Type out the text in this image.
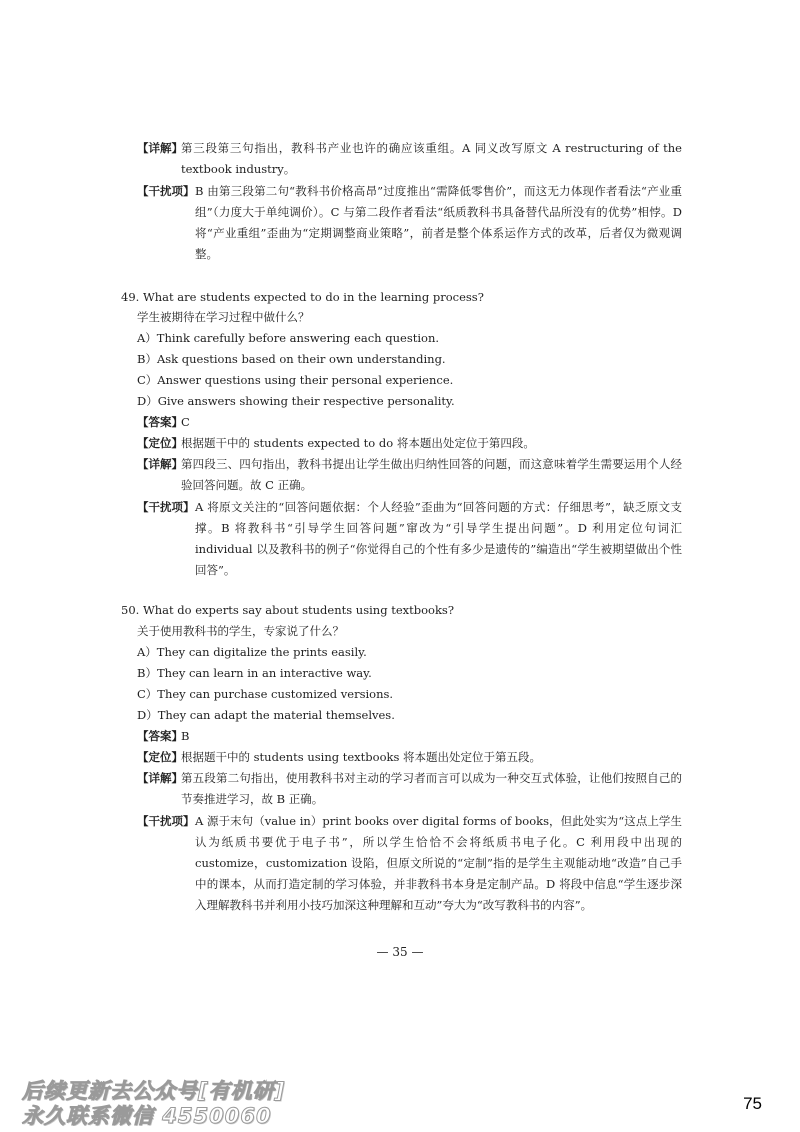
【详解】
第三段第三句指出，教科书产业也许的确应该重组。A 同义改写原文 A restructuring of the textbook industry。
【干扰项】 B 由第三段第二句“教科书价格高昂”过度推出“需降低零售价”，而这无力体现作者看法“产业重组”（力度大于单纯调价）。C 与第二段作者看法“纸质教科书具备替代品所没有的优势”相悖。D 将“产业重组”歪曲为“定期调整商业策略”，前者是整个体系运作方式的改革，后者仅为微观调整。
49. What are students expected to do in the learning process?
学生被期待在学习过程中做什么？
A）Think carefully before answering each question.
B）Ask questions based on their own understanding.
C）Answer questions using their personal experience.
D）Give answers showing their respective personality.
【答案】
C
【定位】
根据题干中的 students expected to do 将本题出处定位于第四段。
【详解】
第四段三、四句指出，教科书提出让学生做出归纳性回答的问题，而这意味着学生需要运用个人经验回答问题。故 C 正确。
【干扰项】 A 将原文关注的“回答问题依据：个人经验”歪曲为“回答问题的方式：仔细思考”，缺乏原文支撑。B 将教科书“引导学生回答问题”窜改为“引导学生提出问题”。D 利用定位句词汇 individual 以及教科书的例子“你觉得自己的个性有多少是遗传的”编造出“学生被期望做出个性回答”。
50. What do experts say about students using textbooks?
关于使用教科书的学生，专家说了什么？
A）They can digitalize the prints easily.
B）They can learn in an interactive way.
C）They can purchase customized versions.
D）They can adapt the material themselves.
【答案】
B
【定位】
根据题干中的 students using textbooks 将本题出处定位于第五段。
【详解】
第五段第二句指出，使用教科书对主动的学习者而言可以成为一种交互式体验，让他们按照自己的节奏推进学习，故 B 正确。
【干扰项】 A 源于末句（value in）print books over digital forms of books，但此处实为“这点上学生认为纸质书要优于电子书”，所以学生恰恰不会将纸质书电子化。C 利用段中出现的 customize，customization 设陷，但原文所说的“定制”指的是学生主观能动地“改造”自己手中的课本，从而打造定制的学习体验，并非教科书本身是定制产品。D 将段中信息“学生逐步深入理解教科书并利用小技巧加深这种理解和互动”夸大为“改写教科书的内容”。
— 35 —
后续更新去公众号[有机研]
永久联系微信 4550060
75
